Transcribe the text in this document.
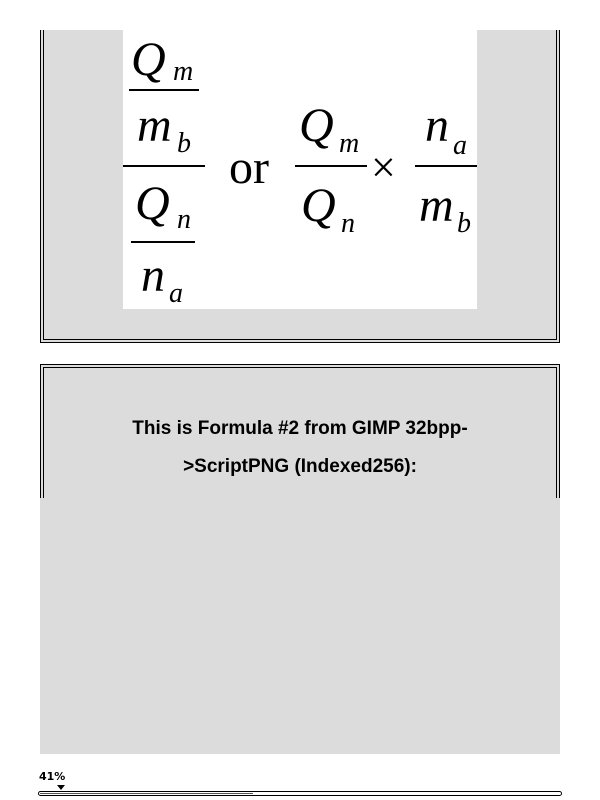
Q m
m b
Q n
n a
or
Q m
Q n
×
n a
m b
This is Formula #2 from GIMP 32bpp-
>ScriptPNG (Indexed256):
41%
